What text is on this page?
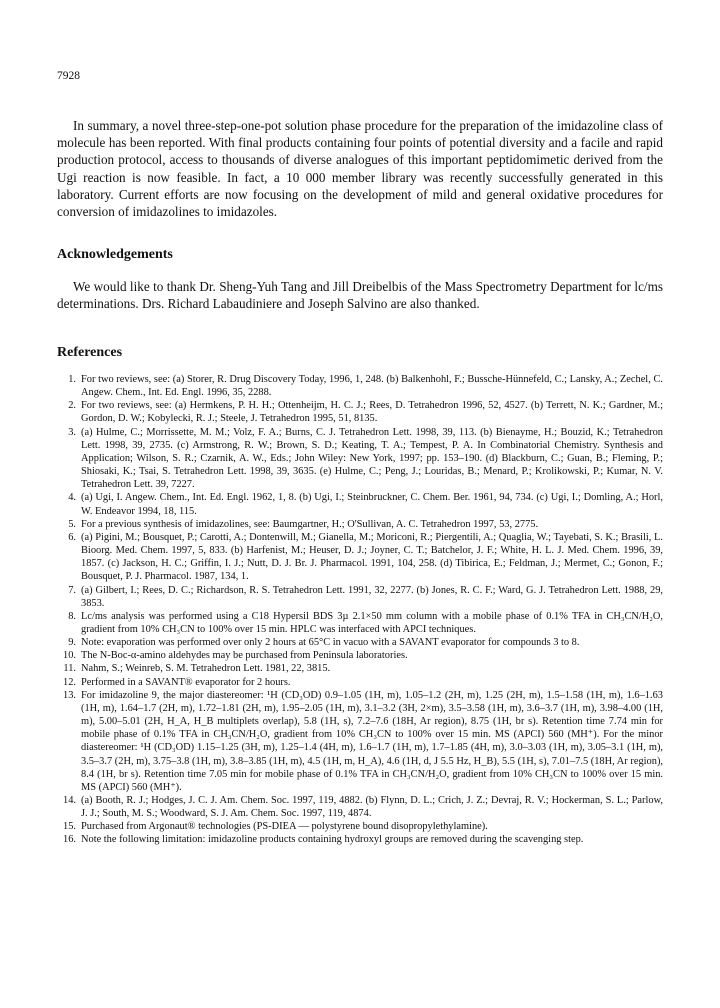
7928

In summary, a novel three-step-one-pot solution phase procedure for the preparation of the imidazoline class of molecule has been reported. With final products containing four points of potential diversity and a facile and rapid production protocol, access to thousands of diverse analogues of this important peptidomimetic derived from the Ugi reaction is now feasible. In fact, a 10 000 member library was recently successfully generated in this laboratory. Current efforts are now focusing on the development of mild and general oxidative procedures for conversion of imidazolines to imidazoles.

Acknowledgements

We would like to thank Dr. Sheng-Yuh Tang and Jill Dreibelbis of the Mass Spectrometry Department for lc/ms determinations. Drs. Richard Labaudiniere and Joseph Salvino are also thanked.

References
1. For two reviews, see: (a) Storer, R. Drug Discovery Today, 1996, 1, 248. (b) Balkenhohl, F.; Bussche-Hünnefeld, C.; Lansky, A.; Zechel, C. Angew. Chem., Int. Ed. Engl. 1996, 35, 2288.
2. For two reviews, see: (a) Hermkens, P. H. H.; Ottenheijm, H. C. J.; Rees, D. Tetrahedron 1996, 52, 4527. (b) Terrett, N. K.; Gardner, M.; Gordon, D. W.; Kobylecki, R. J.; Steele, J. Tetrahedron 1995, 51, 8135.
3. (a) Hulme, C.; Morrissette, M. M.; Volz, F. A.; Burns, C. J. Tetrahedron Lett. 1998, 39, 113. (b) Bienayme, H.; Bouzid, K.; Tetrahedron Lett. 1998, 39, 2735. (c) Armstrong, R. W.; Brown, S. D.; Keating, T. A.; Tempest, P. A. In Combinatorial Chemistry. Synthesis and Application; Wilson, S. R.; Czarnik, A. W., Eds.; John Wiley: New York, 1997; pp. 153–190. (d) Blackburn, C.; Guan, B.; Fleming, P.; Shiosaki, K.; Tsai, S. Tetrahedron Lett. 1998, 39, 3635. (e) Hulme, C.; Peng, J.; Louridas, B.; Menard, P.; Krolikowski, P.; Kumar, N. V. Tetrahedron Lett. 39, 7227.
4. (a) Ugi, I. Angew. Chem., Int. Ed. Engl. 1962, 1, 8. (b) Ugi, I.; Steinbruckner, C. Chem. Ber. 1961, 94, 734. (c) Ugi, I.; Domling, A.; Horl, W. Endeavor 1994, 18, 115.
5. For a previous synthesis of imidazolines, see: Baumgartner, H.; O'Sullivan, A. C. Tetrahedron 1997, 53, 2775.
6. (a) Pigini, M.; Bousquet, P.; Carotti, A.; Dontenwill, M.; Gianella, M.; Moriconi, R.; Piergentili, A.; Quaglia, W.; Tayebati, S. K.; Brasili, L. Bioorg. Med. Chem. 1997, 5, 833. (b) Harfenist, M.; Heuser, D. J.; Joyner, C. T.; Batchelor, J. F.; White, H. L. J. Med. Chem. 1996, 39, 1857. (c) Jackson, H. C.; Griffin, I. J.; Nutt, D. J. Br. J. Pharmacol. 1991, 104, 258. (d) Tibirica, E.; Feldman, J.; Mermet, C.; Gonon, F.; Bousquet, P. J. Pharmacol. 1987, 134, 1.
7. (a) Gilbert, I.; Rees, D. C.; Richardson, R. S. Tetrahedron Lett. 1991, 32, 2277. (b) Jones, R. C. F.; Ward, G. J. Tetrahedron Lett. 1988, 29, 3853.
8. Lc/ms analysis was performed using a C18 Hypersil BDS 3µ 2.1×50 mm column with a mobile phase of 0.1% TFA in CH₃CN/H₂O, gradient from 10% CH₃CN to 100% over 15 min. HPLC was interfaced with APCI techniques.
9. Note: evaporation was performed over only 2 hours at 65°C in vacuo with a SAVANT evaporator for compounds 3 to 8.
10. The N-Boc-α-amino aldehydes may be purchased from Peninsula laboratories.
11. Nahm, S.; Weinreb, S. M. Tetrahedron Lett. 1981, 22, 3815.
12. Performed in a SAVANT® evaporator for 2 hours.
13. For imidazoline 9, the major diastereomer: ¹H (CD₃OD) 0.9–1.05 (1H, m), 1.05–1.2 (2H, m), 1.25 (2H, m), 1.5–1.58 (1H, m), 1.6–1.63 (1H, m), 1.64–1.7 (2H, m), 1.72–1.81 (2H, m), 1.95–2.05 (1H, m), 3.1–3.2 (3H, 2×m), 3.5–3.58 (1H, m), 3.6–3.7 (1H, m), 3.98–4.00 (1H, m), 5.00–5.01 (2H, H_A, H_B multiplets overlap), 5.8 (1H, s), 7.2–7.6 (18H, Ar region), 8.75 (1H, br s). Retention time 7.74 min for mobile phase of 0.1% TFA in CH₃CN/H₂O, gradient from 10% CH₃CN to 100% over 15 min. MS (APCI) 560 (MH⁺). For the minor diastereomer: ¹H (CD₃OD) 1.15–1.25 (3H, m), 1.25–1.4 (4H, m), 1.6–1.7 (1H, m), 1.7–1.85 (4H, m), 3.0–3.03 (1H, m), 3.05–3.1 (1H, m), 3.5–3.7 (2H, m), 3.75–3.8 (1H, m), 3.8–3.85 (1H, m), 4.5 (1H, m, H_A), 4.6 (1H, d, J 5.5 Hz, H_B), 5.5 (1H, s), 7.01–7.5 (18H, Ar region), 8.4 (1H, br s). Retention time 7.05 min for mobile phase of 0.1% TFA in CH₃CN/H₂O, gradient from 10% CH₃CN to 100% over 15 min. MS (APCI) 560 (MH⁺).
14. (a) Booth, R. J.; Hodges, J. C. J. Am. Chem. Soc. 1997, 119, 4882. (b) Flynn, D. L.; Crich, J. Z.; Devraj, R. V.; Hockerman, S. L.; Parlow, J. J.; South, M. S.; Woodward, S. J. Am. Chem. Soc. 1997, 119, 4874.
15. Purchased from Argonaut® technologies (PS-DIEA — polystyrene bound disopropylethylamine).
16. Note the following limitation: imidazoline products containing hydroxyl groups are removed during the scavenging step.
